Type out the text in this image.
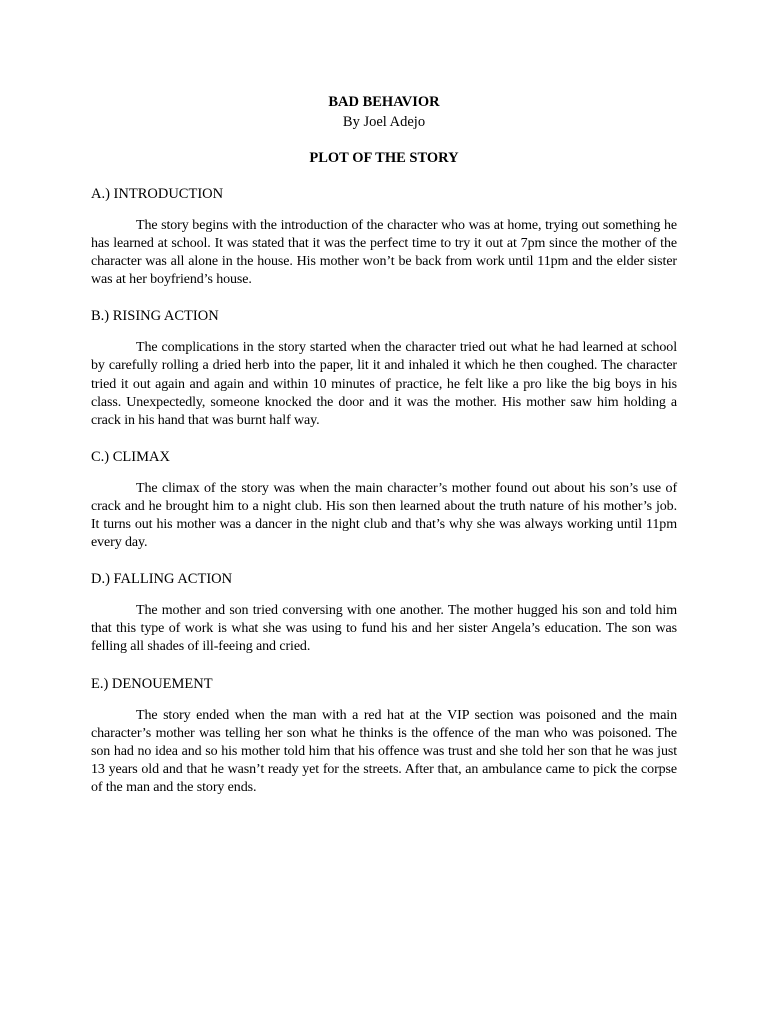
BAD BEHAVIOR

By Joel Adejo

PLOT OF THE STORY

A.) INTRODUCTION

The story begins with the introduction of the character who was at home, trying out something he has learned at school. It was stated that it was the perfect time to try it out at 7pm since the mother of the character was all alone in the house. His mother won’t be back from work until 11pm and the elder sister was at her boyfriend’s house.

B.) RISING ACTION

The complications in the story started when the character tried out what he had learned at school by carefully rolling a dried herb into the paper, lit it and inhaled it which he then coughed. The character tried it out again and again and within 10 minutes of practice, he felt like a pro like the big boys in his class. Unexpectedly, someone knocked the door and it was the mother. His mother saw him holding a crack in his hand that was burnt half way.

C.) CLIMAX

The climax of the story was when the main character’s mother found out about his son’s use of crack and he brought him to a night club. His son then learned about the truth nature of his mother’s job. It turns out his mother was a dancer in the night club and that’s why she was always working until 11pm every day.

D.) FALLING ACTION

The mother and son tried conversing with one another. The mother hugged his son and told him that this type of work is what she was using to fund his and her sister Angela’s education. The son was felling all shades of ill-feeing and cried.

E.) DENOUEMENT

The story ended when the man with a red hat at the VIP section was poisoned and the main character’s mother was telling her son what he thinks is the offence of the man who was poisoned. The son had no idea and so his mother told him that his offence was trust and she told her son that he was just 13 years old and that he wasn’t ready yet for the streets. After that, an ambulance came to pick the corpse of the man and the story ends.
